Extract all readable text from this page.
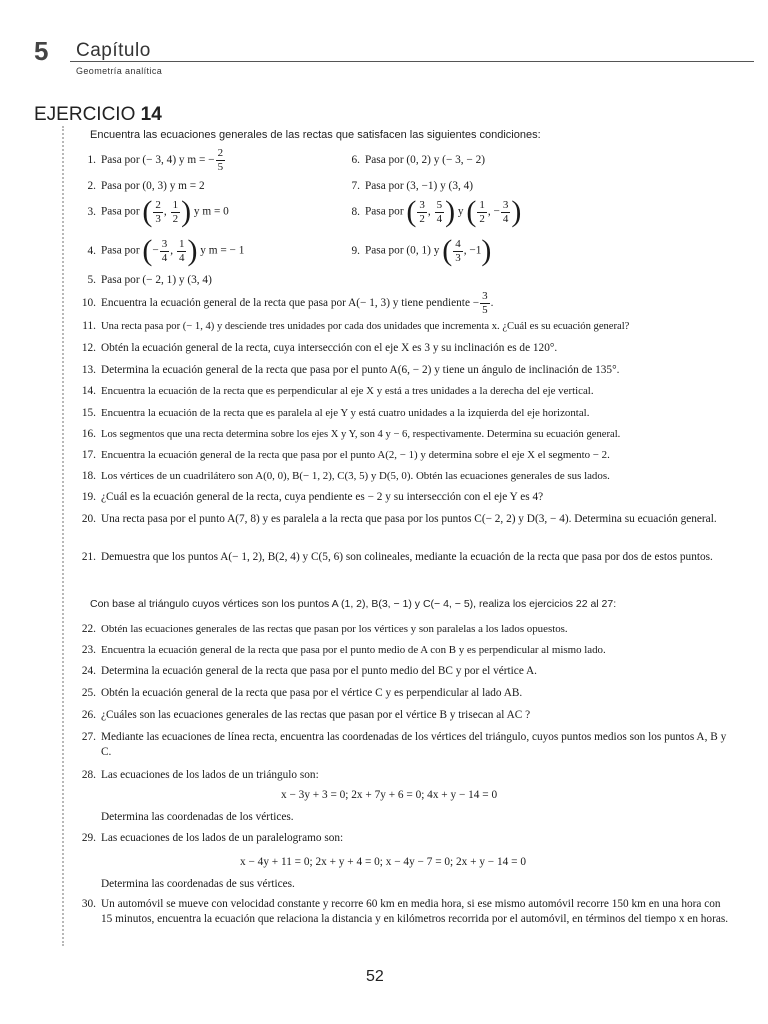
5 Capítulo
Geometría analítica
EJERCICIO 14
Encuentra las ecuaciones generales de las rectas que satisfacen las siguientes condiciones:
1. Pasa por (− 3, 4) y m = − $\frac{2}{5}$
2. Pasa por (0, 3) y m = 2
3. Pasa por ( $\frac{2}{3}$ , $\frac{1}{2}$ ) y m = 0
4. Pasa por (− $\frac{3}{4}$ , $\frac{1}{4}$ ) y m = − 1
5. Pasa por (− 2, 1) y (3, 4)
6. Pasa por (0, 2) y (− 3, − 2)
7. Pasa por (3, −1) y (3, 4)
8. Pasa por ( $\frac{3}{2}$ , $\frac{5}{4}$ ) y ( $\frac{1}{2}$ , − $\frac{3}{4}$ )
9. Pasa por (0, 1) y ( $\frac{4}{3}$ , −1)
10. Encuentra la ecuación general de la recta que pasa por A(− 1, 3) y tiene pendiente − $\frac{3}{5}$ .
11. Una recta pasa por (− 1, 4) y desciende tres unidades por cada dos unidades que incrementa x. ¿Cuál es su ecuación general?
12. Obtén la ecuación general de la recta, cuya intersección con el eje X es 3 y su inclinación es de 120°.
13. Determina la ecuación general de la recta que pasa por el punto A(6, − 2) y tiene un ángulo de inclinación de 135°.
14. Encuentra la ecuación de la recta que es perpendicular al eje X y está a tres unidades a la derecha del eje vertical.
15. Encuentra la ecuación de la recta que es paralela al eje Y y está cuatro unidades a la izquierda del eje horizontal.
16. Los segmentos que una recta determina sobre los ejes X y Y, son 4 y − 6, respectivamente. Determina su ecuación general.
17. Encuentra la ecuación general de la recta que pasa por el punto A(2, − 1) y determina sobre el eje X el segmento − 2.
18. Los vértices de un cuadrilátero son A(0, 0), B(− 1, 2), C(3, 5) y D(5, 0). Obtén las ecuaciones generales de sus lados.
19. ¿Cuál es la ecuación general de la recta, cuya pendiente es − 2 y su intersección con el eje Y es 4?
20. Una recta pasa por el punto A(7, 8) y es paralela a la recta que pasa por los puntos C(− 2, 2) y D(3, − 4). Determina su ecuación general.
21. Demuestra que los puntos A(− 1, 2), B(2, 4) y C(5, 6) son colineales, mediante la ecuación de la recta que pasa por dos de estos puntos.
Con base al triángulo cuyos vértices son los puntos A (1, 2), B(3, − 1) y C(− 4, − 5), realiza los ejercicios 22 al 27:
22. Obtén las ecuaciones generales de las rectas que pasan por los vértices y son paralelas a los lados opuestos.
23. Encuentra la ecuación general de la recta que pasa por el punto medio de A con B y es perpendicular al mismo lado.
24. Determina la ecuación general de la recta que pasa por el punto medio del BC y por el vértice A.
25. Obtén la ecuación general de la recta que pasa por el vértice C y es perpendicular al lado AB.
26. ¿Cuáles son las ecuaciones generales de las rectas que pasan por el vértice B y trisecan al AC ?
27. Mediante las ecuaciones de línea recta, encuentra las coordenadas de los vértices del triángulo, cuyos puntos medios son los puntos A, B y C.
28. Las ecuaciones de los lados de un triángulo son:
x − 3y + 3 = 0; 2x + 7y + 6 = 0; 4x + y − 14 = 0
Determina las coordenadas de los vértices.
29. Las ecuaciones de los lados de un paralelogramo son:
x − 4y + 11 = 0; 2x + y + 4 = 0; x − 4y − 7 = 0; 2x + y − 14 = 0
Determina las coordenadas de sus vértices.
30. Un automóvil se mueve con velocidad constante y recorre 60 km en media hora, si ese mismo automóvil recorre 150 km en una hora con 15 minutos, encuentra la ecuación que relaciona la distancia y en kilómetros recorrida por el automóvil, en términos del tiempo x en horas.
52
